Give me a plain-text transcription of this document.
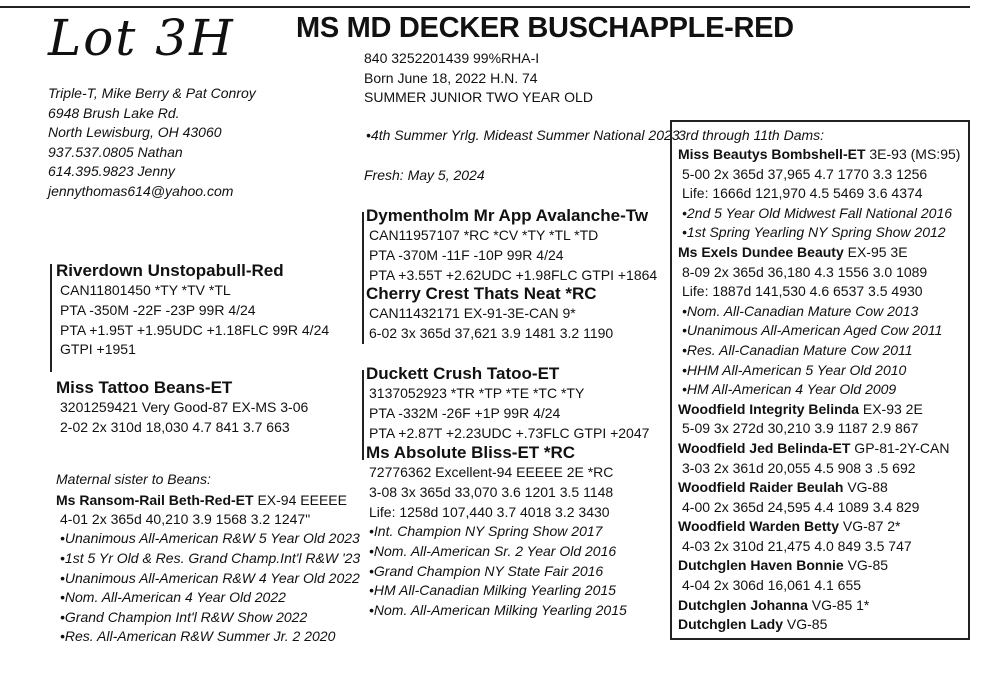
Lot 3H MS MD DECKER BUSCHAPPLE-RED
840 3252201439 99%RHA-I
Born June 18, 2022 H.N. 74
SUMMER JUNIOR TWO YEAR OLD
Triple-T, Mike Berry & Pat Conroy
6948 Brush Lake Rd.
North Lewisburg, OH 43060
937.537.0805 Nathan
614.395.9823 Jenny
jennythomas614@yahoo.com
•4th Summer Yrlg. Mideast Summer National 2023
Fresh: May 5, 2024
Riverdown Unstopabull-Red
CAN11801450 *TY *TV *TL
PTA -350M -22F -23P 99R 4/24
PTA +1.95T +1.95UDC +1.18FLC 99R 4/24
GTPI +1951
Dymentholm Mr App Avalanche-Tw
CAN11957107 *RC *CV *TY *TL *TD
PTA -370M -11F -10P 99R 4/24
PTA +3.55T +2.62UDC +1.98FLC GTPI +1864
Cherry Crest Thats Neat *RC
CAN11432171 EX-91-3E-CAN 9*
6-02 3x 365d 37,621 3.9 1481 3.2 1190
Miss Tattoo Beans-ET
3201259421 Very Good-87 EX-MS 3-06
2-02 2x 310d 18,030 4.7 841 3.7 663
Duckett Crush Tatoo-ET
3137052923 *TR *TP *TE *TC *TY
PTA -332M -26F +1P 99R 4/24
PTA +2.87T +2.23UDC +.73FLC GTPI +2047
Ms Absolute Bliss-ET *RC
72776362 Excellent-94 EEEEE 2E *RC
3-08 3x 365d 33,070 3.6 1201 3.5 1148
Life: 1258d 107,440 3.7 4018 3.2 3430
•Int. Champion NY Spring Show 2017
•Nom. All-American Sr. 2 Year Old 2016
•Grand Champion NY State Fair 2016
•HM All-Canadian Milking Yearling 2015
•Nom. All-American Milking Yearling 2015
Maternal sister to Beans:
Ms Ransom-Rail Beth-Red-ET EX-94 EEEEE
4-01 2x 365d 40,210 3.9 1568 3.2 1247"
•Unanimous All-American R&W 5 Year Old 2023
•1st 5 Yr Old & Res. Grand Champ.Int'l R&W '23
•Unanimous All-American R&W 4 Year Old 2022
•Nom. All-American 4 Year Old 2022
•Grand Champion Int'l R&W Show 2022
•Res. All-American R&W Summer Jr. 2 2020
3rd through 11th Dams:
Miss Beautys Bombshell-ET 3E-93 (MS:95)
5-00 2x 365d 37,965 4.7 1770 3.3 1256
Life: 1666d 121,970 4.5 5469 3.6 4374
•2nd 5 Year Old Midwest Fall National 2016
•1st Spring Yearling NY Spring Show 2012
Ms Exels Dundee Beauty EX-95 3E
8-09 2x 365d 36,180 4.3 1556 3.0 1089
Life: 1887d 141,530 4.6 6537 3.5 4930
•Nom. All-Canadian Mature Cow 2013
•Unanimous All-American Aged Cow 2011
•Res. All-Canadian Mature Cow 2011
•HHM All-American 5 Year Old 2010
•HM All-American 4 Year Old 2009
Woodfield Integrity Belinda EX-93 2E
5-09 3x 272d 30,210 3.9 1187 2.9 867
Woodfield Jed Belinda-ET GP-81-2Y-CAN
3-03 2x 361d 20,055 4.5 908 3 .5 692
Woodfield Raider Beulah VG-88
4-00 2x 365d 24,595 4.4 1089 3.4 829
Woodfield Warden Betty VG-87 2*
4-03 2x 310d 21,475 4.0 849 3.5 747
Dutchglen Haven Bonnie VG-85
4-04 2x 306d 16,061 4.1 655
Dutchglen Johanna VG-85 1*
Dutchglen Lady VG-85
